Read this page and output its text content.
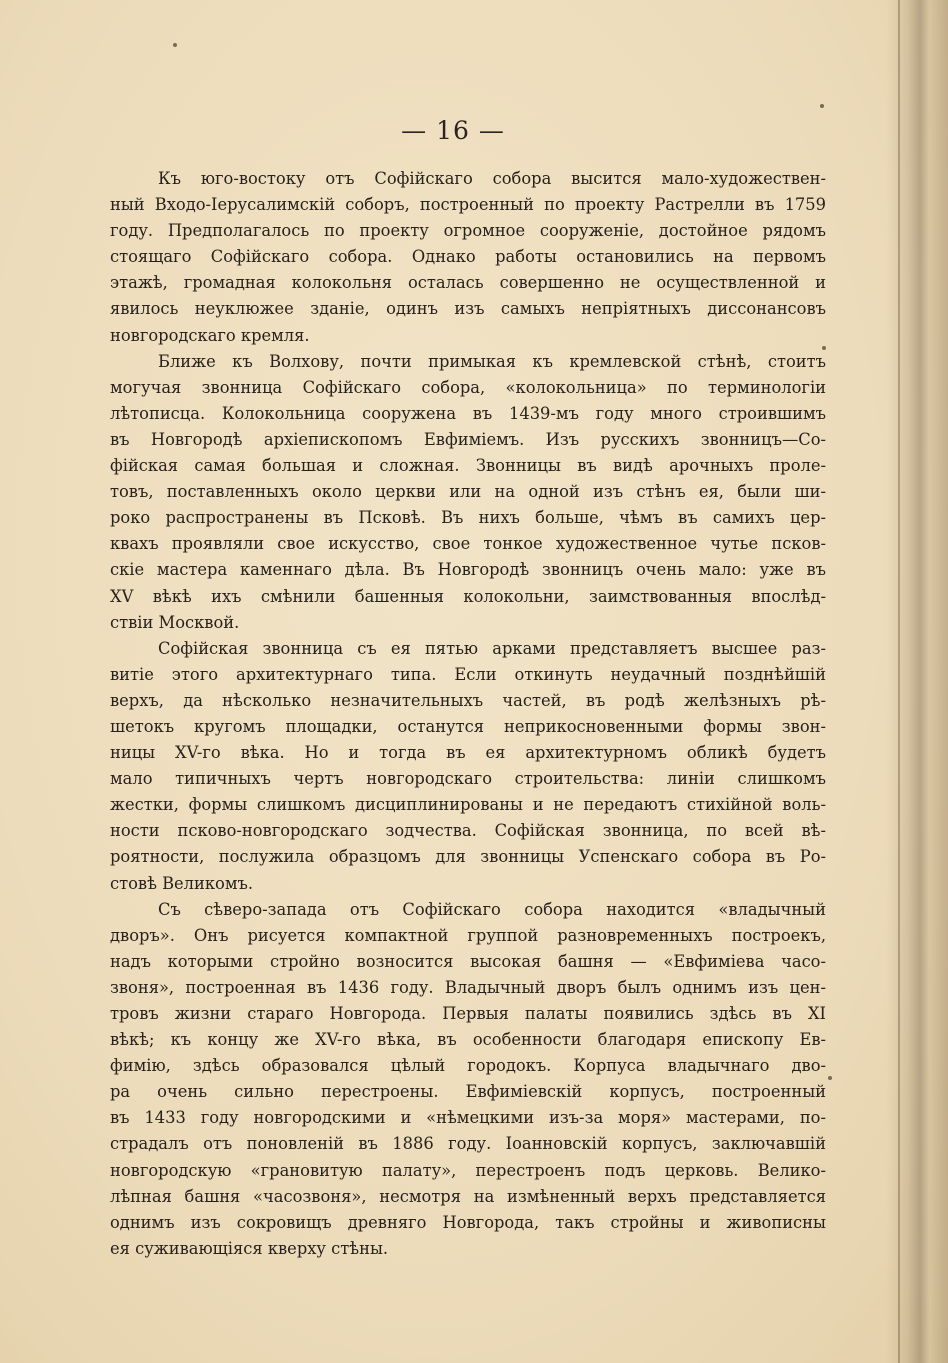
— 16 —
Къ юго-востоку отъ Софійскаго собора высится мало-художествен-
ный Входо-Іерусалимскій соборъ, построенный по проекту Растрелли въ 1759
году. Предполагалось по проекту огромное сооруженіе, достойное рядомъ
стоящаго Софійскаго собора. Однако работы остановились на первомъ
этажѣ, громадная колокольня осталась совершенно не осуществленной и
явилось неуклюжее зданіе, одинъ изъ самыхъ непріятныхъ диссонансовъ
новгородскаго кремля.
Ближе къ Волхову, почти примыкая къ кремлевской стѣнѣ, стоитъ
могучая звонница Софійскаго собора, «колокольница» по терминологіи
лѣтописца. Колокольница сооружена въ 1439-мъ году много строившимъ
въ Новгородѣ архіепископомъ Евфиміемъ. Изъ русскихъ звонницъ—Со-
фійская самая большая и сложная. Звонницы въ видѣ арочныхъ проле-
товъ, поставленныхъ около церкви или на одной изъ стѣнъ ея, были ши-
роко распространены въ Псковѣ. Въ нихъ больше, чѣмъ въ самихъ цер-
квахъ проявляли свое искусство, свое тонкое художественное чутье псков-
скіе мастера каменнаго дѣла. Въ Новгородѣ звонницъ очень мало: уже въ
XV вѣкѣ ихъ смѣнили башенныя колокольни, заимствованныя впослѣд-
ствіи Москвой.
Софійская звонница съ ея пятью арками представляетъ высшее раз-
витіе этого архитектурнаго типа. Если откинуть неудачный позднѣйшій
верхъ, да нѣсколько незначительныхъ частей, въ родѣ желѣзныхъ рѣ-
шетокъ кругомъ площадки, останутся неприкосновенными формы звон-
ницы XV-го вѣка. Но и тогда въ ея архитектурномъ обликѣ будетъ
мало типичныхъ чертъ новгородскаго строительства: линіи слишкомъ
жестки, формы слишкомъ дисциплинированы и не передаютъ стихійной воль-
ности псково-новгородскаго зодчества. Софійская звонница, по всей вѣ-
роятности, послужила образцомъ для звонницы Успенскаго собора въ Ро-
стовѣ Великомъ.
Съ сѣверо-запада отъ Софійскаго собора находится «владычный
дворъ». Онъ рисуется компактной группой разновременныхъ построекъ,
надъ которыми стройно возносится высокая башня — «Евфиміева часо-
звоня», построенная въ 1436 году. Владычный дворъ былъ однимъ изъ цен-
тровъ жизни стараго Новгорода. Первыя палаты появились здѣсь въ XI
вѣкѣ; къ концу же XV-го вѣка, въ особенности благодаря епископу Ев-
фимію, здѣсь образовался цѣлый городокъ. Корпуса владычнаго дво-
ра очень сильно перестроены. Евфиміевскій корпусъ, построенный
въ 1433 году новгородскими и «нѣмецкими изъ-за моря» мастерами, по-
страдалъ отъ поновленій въ 1886 году. Іоанновскій корпусъ, заключавшій
новгородскую «грановитую палату», перестроенъ подъ церковь. Велико-
лѣпная башня «часозвоня», несмотря на измѣненный верхъ представляется
однимъ изъ сокровищъ древняго Новгорода, такъ стройны и живописны
ея суживающіяся кверху стѣны.
